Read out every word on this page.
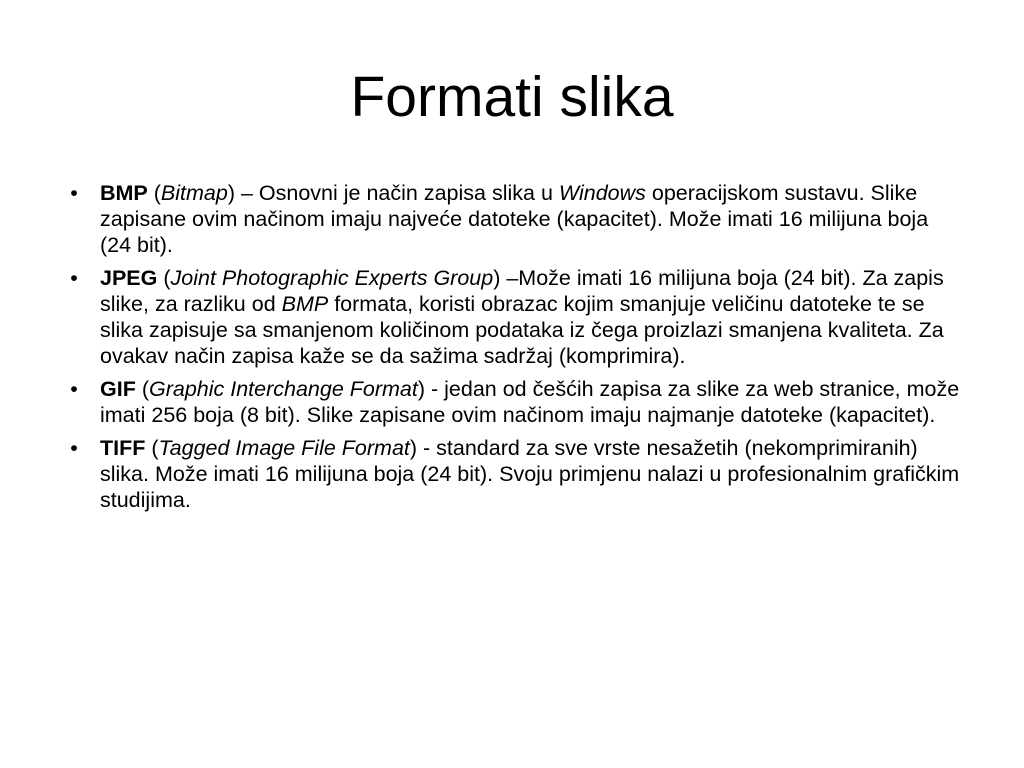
Formati slika
• BMP (Bitmap) – Osnovni je način zapisa slika u Windows operacijskom sustavu. Slike zapisane ovim načinom imaju najveće datoteke (kapacitet). Može imati 16 milijuna boja (24 bit).
• JPEG (Joint Photographic Experts Group) –Može imati 16 milijuna boja (24 bit). Za zapis slike, za razliku od BMP formata, koristi obrazac kojim smanjuje veličinu datoteke te se slika zapisuje sa smanjenom količinom podataka iz čega proizlazi smanjena kvaliteta. Za ovakav način zapisa kaže se da sažima sadržaj (komprimira).
• GIF (Graphic Interchange Format) - jedan od češćih zapisa za slike za web stranice, može imati 256 boja (8 bit). Slike zapisane ovim načinom imaju najmanje datoteke (kapacitet).
• TIFF (Tagged Image File Format) - standard za sve vrste nesažetih (nekomprimiranih) slika. Može imati 16 milijuna boja (24 bit). Svoju primjenu nalazi u profesionalnim grafičkim studijima.
